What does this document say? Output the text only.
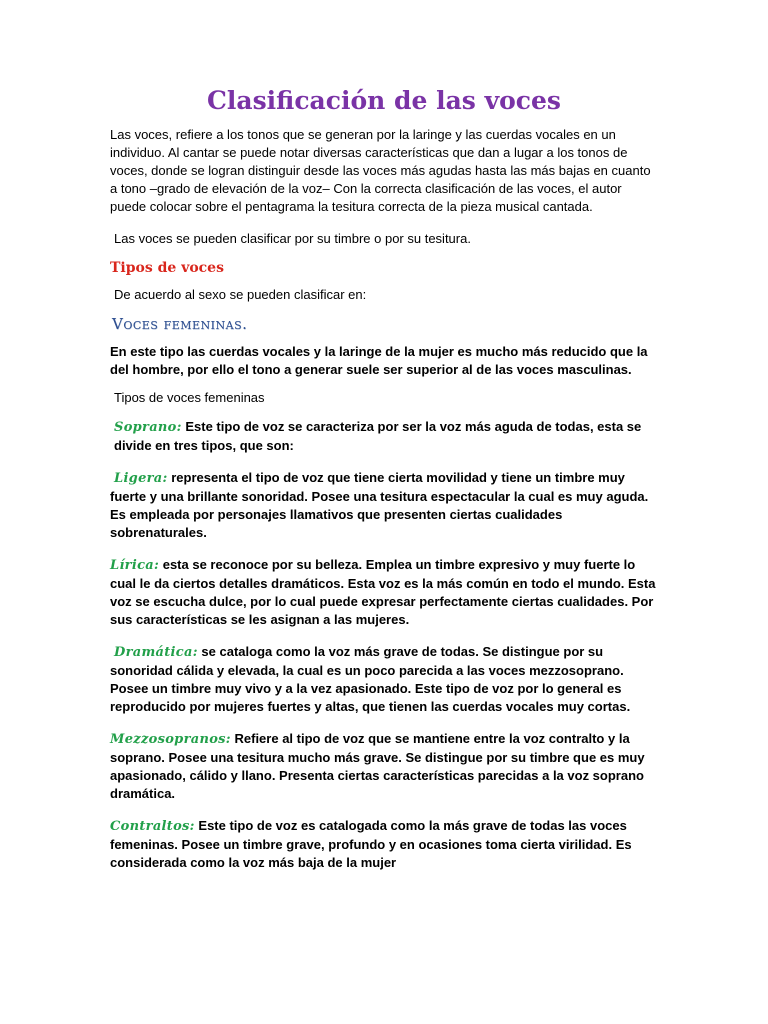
Clasificación de las voces

Las voces, refiere a los tonos que se generan por la laringe y las cuerdas vocales en un individuo. Al cantar se puede notar diversas características que dan a lugar a los tonos de voces, donde se logran distinguir desde las voces más agudas hasta las más bajas en cuanto a tono –grado de elevación de la voz– Con la correcta clasificación de las voces, el autor puede colocar sobre el pentagrama la tesitura correcta de la pieza musical cantada.

Las voces se pueden clasificar por su timbre o por su tesitura.

Tipos de voces

De acuerdo al sexo se pueden clasificar en:

Voces femeninas.

En este tipo las cuerdas vocales y la laringe de la mujer es mucho más reducido que la del hombre, por ello el tono a generar suele ser superior al de las voces masculinas.

Tipos de voces femeninas

Soprano: Este tipo de voz se caracteriza por ser la voz más aguda de todas, esta se divide en tres tipos, que son:

Ligera: representa el tipo de voz que tiene cierta movilidad y tiene un timbre muy fuerte y una brillante sonoridad. Posee una tesitura espectacular la cual es muy aguda. Es empleada por personajes llamativos que presenten ciertas cualidades sobrenaturales.

Lírica: esta se reconoce por su belleza. Emplea un timbre expresivo y muy fuerte lo cual le da ciertos detalles dramáticos. Esta voz es la más común en todo el mundo. Esta voz se escucha dulce, por lo cual puede expresar perfectamente ciertas cualidades. Por sus características se les asignan a las mujeres.

Dramática: se cataloga como la voz más grave de todas. Se distingue por su sonoridad cálida y elevada, la cual es un poco parecida a las voces mezzosoprano. Posee un timbre muy vivo y a la vez apasionado. Este tipo de voz por lo general es reproducido por mujeres fuertes y altas, que tienen las cuerdas vocales muy cortas.

Mezzosopranos: Refiere al tipo de voz que se mantiene entre la voz contralto y la soprano. Posee una tesitura mucho más grave. Se distingue por su timbre que es muy apasionado, cálido y llano. Presenta ciertas características parecidas a la voz soprano dramática.

Contraltos: Este tipo de voz es catalogada como la más grave de todas las voces femeninas. Posee un timbre grave, profundo y en ocasiones toma cierta virilidad. Es considerada como la voz más baja de la mujer
